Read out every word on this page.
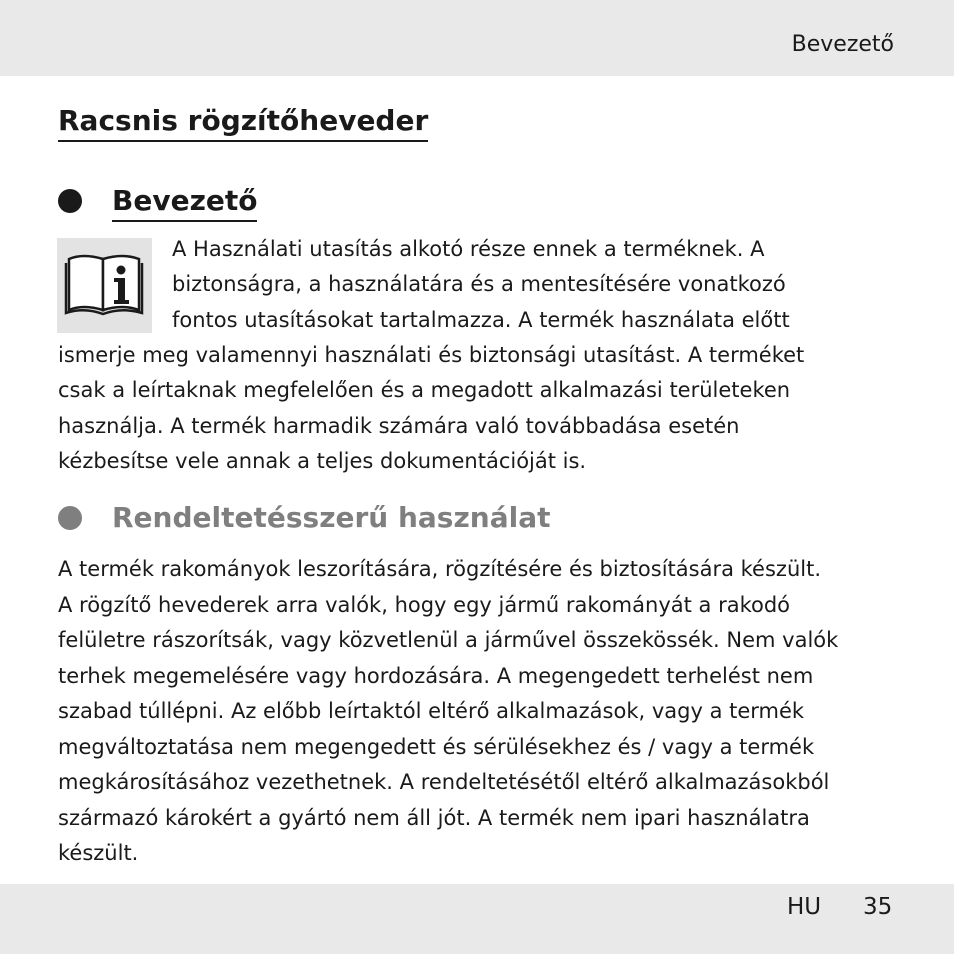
Bevezető
Racsnis rögzítőheveder
Bevezető
A Használati utasítás alkotó része ennek a terméknek. A
biztonságra, a használatára és a mentesítésére vonatkozó
fontos utasításokat tartalmazza. A termék használata előtt
ismerje meg valamennyi használati és biztonsági utasítást. A terméket
csak a leírtaknak megfelelően és a megadott alkalmazási területeken
használja. A termék harmadik számára való továbbadása esetén
kézbesítse vele annak a teljes dokumentációját is.
Rendeltetésszerű használat
A termék rakományok leszorítására, rögzítésére és biztosítására készült.
A rögzítő hevederek arra valók, hogy egy jármű rakományát a rakodó
felületre rászorítsák, vagy közvetlenül a járművel összekössék. Nem valók
terhek megemelésére vagy hordozására. A megengedett terhelést nem
szabad túllépni. Az előbb leírtaktól eltérő alkalmazások, vagy a termék
megváltoztatása nem megengedett és sérülésekhez és / vagy a termék
megkárosításához vezethetnek. A rendeltetésétől eltérő alkalmazásokból
származó károkért a gyártó nem áll jót. A termék nem ipari használatra
készült.
HU 35
